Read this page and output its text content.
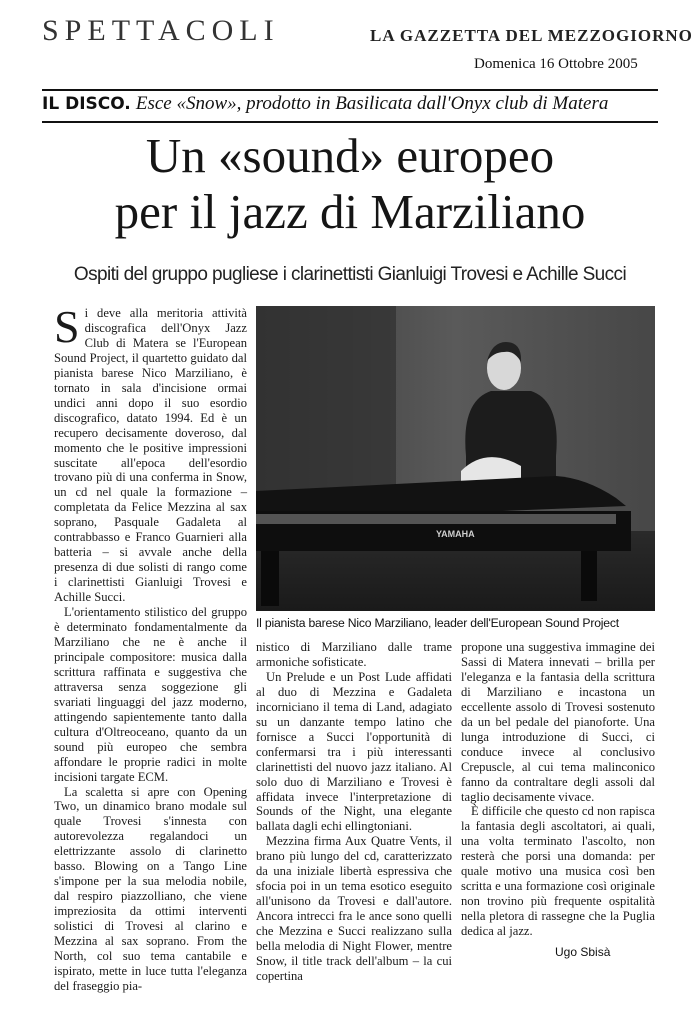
SPETTACOLI	LA GAZZETTA DEL MEZZOGIORNO
Domenica 16 Ottobre 2005
IL DISCO. Esce «Snow», prodotto in Basilicata dall'Onyx club di Matera
Un «sound» europeo
per il jazz di Marziliano
Ospiti del gruppo pugliese i clarinettisti Gianluigi Trovesi e Achille Succi
S i deve alla meritoria attività discografica dell'Onyx Jazz Club di Matera se l'European Sound Project, il quartetto guidato dal pianista barese Nico Marziliano, è tornato in sala d'incisione ormai undici anni dopo il suo esordio discografico, datato 1994. Ed è un recupero decisamente doveroso, dal momento che le positive impressioni suscitate all'epoca dell'esordio trovano più di una conferma in Snow, un cd nel quale la formazione – completata da Felice Mezzina al sax soprano, Pasquale Gadaleta al contrabbasso e Franco Guarnieri alla batteria – si avvale anche della presenza di due solisti di rango come i clarinettisti Gianluigi Trovesi e Achille Succi.

L'orientamento stilistico del gruppo è determinato fondamentalmente da Marziliano che ne è anche il principale compositore: musica dalla scrittura raffinata e suggestiva che attraversa senza soggezione gli svariati linguaggi del jazz moderno, attingendo sapientemente tanto dalla cultura d'Oltreoceano, quanto da un sound più europeo che sembra affondare le proprie radici in molte incisioni targate ECM.

La scaletta si apre con Opening Two, un dinamico brano modale sul quale Trovesi s'innesta con autorevolezza regalandoci un elettrizzante assolo di clarinetto basso. Blowing on a Tango Line s'impone per la sua melodia nobile, dal respiro piazzolliano, che viene impreziosita da ottimi interventi solistici di Trovesi al clarino e Mezzina al sax soprano. From the North, col suo tema cantabile e ispirato, mette in luce tutta l'eleganza del fraseggio pia-

YAMAHA
Il pianista barese Nico Marziliano, leader dell'European Sound Project

nistico di Marziliano dalle trame armoniche sofisticate.

Un Prelude e un Post Lude affidati al duo di Mezzina e Gadaleta incorniciano il tema di Land, adagiato su un danzante tempo latino che fornisce a Succi l'opportunità di confermarsi tra i più interessanti clarinettisti del nuovo jazz italiano. Al solo duo di Marziliano e Trovesi è affidata invece l'interpretazione di Sounds of the Night, una elegante ballata dagli echi ellingtoniani.

Mezzina firma Aux Quatre Vents, il brano più lungo del cd, caratterizzato da una iniziale libertà espressiva che sfocia poi in un tema esotico eseguito all'unisono da Trovesi e dall'autore. Ancora intrecci fra le ance sono quelli che Mezzina e Succi realizzano sulla bella melodia di Night Flower, mentre Snow, il title track dell'album – la cui copertina

propone una suggestiva immagine dei Sassi di Matera innevati – brilla per l'eleganza e la fantasia della scrittura di Marziliano e incastona un eccellente assolo di Trovesi sostenuto da un bel pedale del pianoforte. Una lunga introduzione di Succi, ci conduce invece al conclusivo Crepuscle, al cui tema malinconico fanno da contraltare degli assoli dal taglio decisamente vivace.

È difficile che questo cd non rapisca la fantasia degli ascoltatori, ai quali, una volta terminato l'ascolto, non resterà che porsi una domanda: per quale motivo una musica così ben scritta e una formazione così originale non trovino più frequente ospitalità nella pletora di rassegne che la Puglia dedica al jazz.

Ugo Sbisà
